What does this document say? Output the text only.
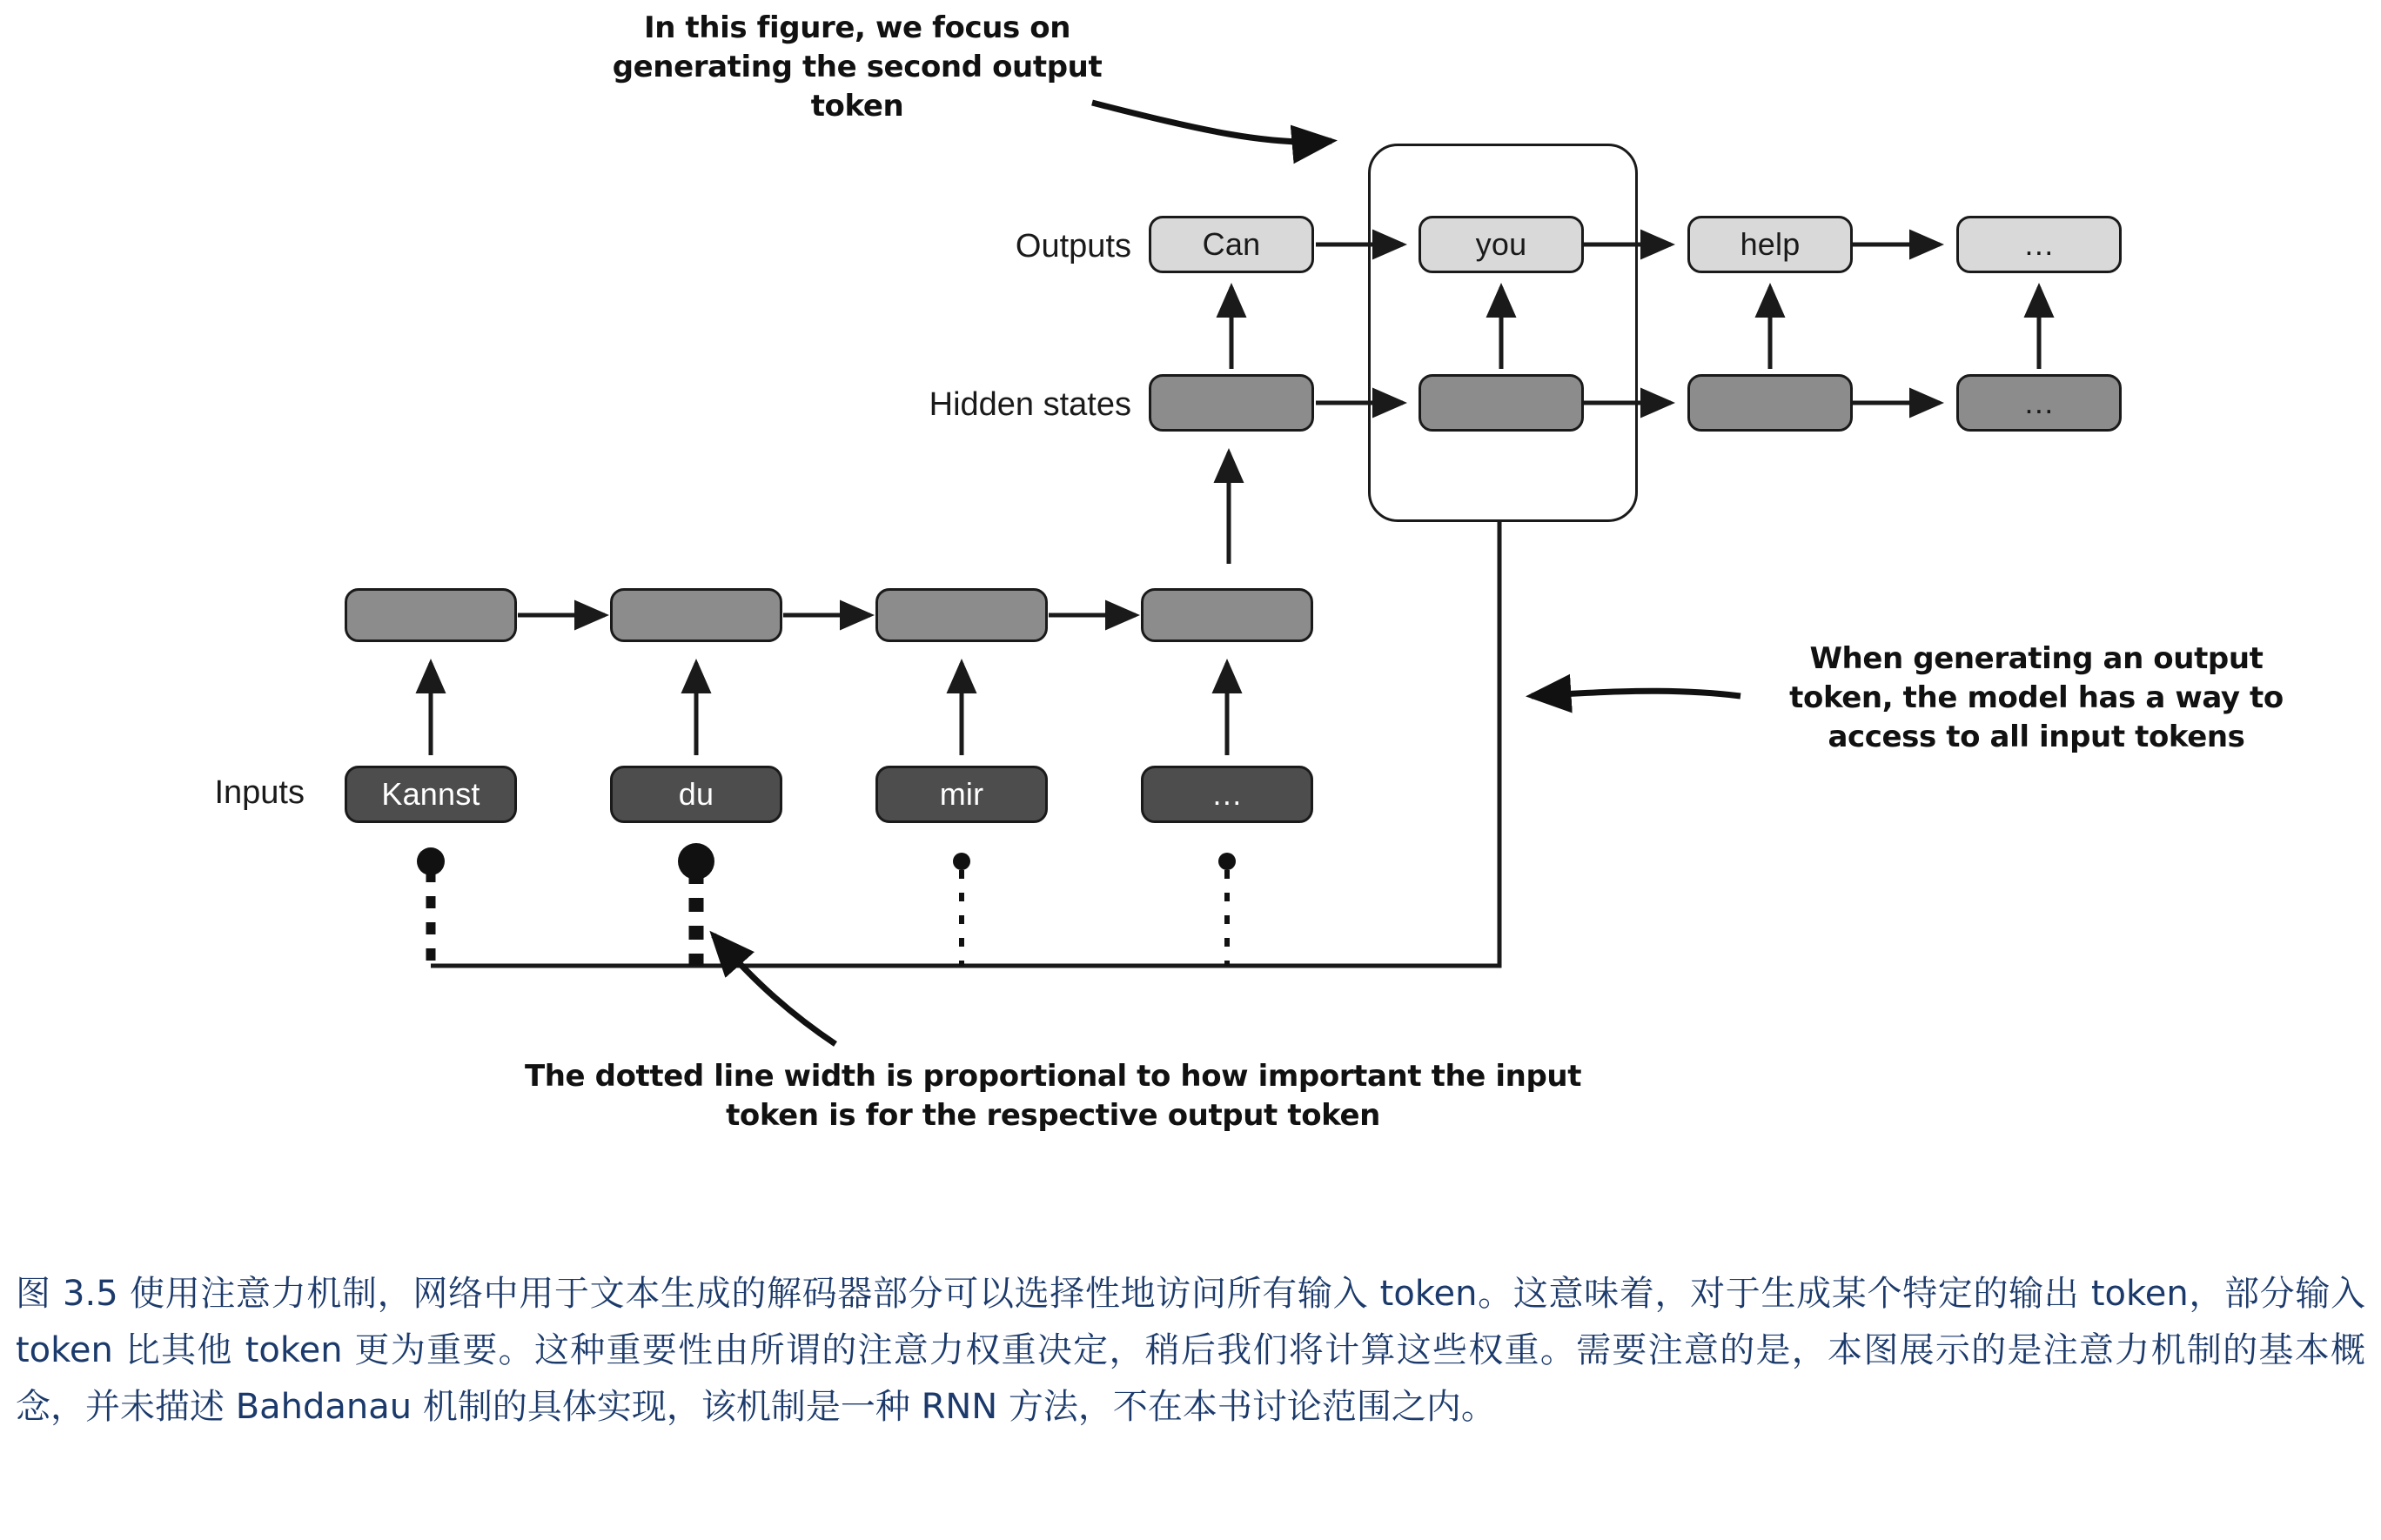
Outputs
Hidden states
Inputs
Can	you	help	…
…
Kannst	du	mir	…
In this figure, we focus on generating the second output token
When generating an output token, the model has a way to access to all input tokens
The dotted line width is proportional to how important the input token is for the respective output token
图 3.5 使用注意力机制，网络中用于文本生成的解码器部分可以选择性地访问所有输入 token。这意味着，对于生成某个特定的输出 token，部分输入 token 比其他 token 更为重要。这种重要性由所谓的注意力权重决定，稍后我们将计算这些权重。需要注意的是，本图展示的是注意力机制的基本概念，并未描述 Bahdanau 机制的具体实现，该机制是一种 RNN 方法，不在本书讨论范围之内。
